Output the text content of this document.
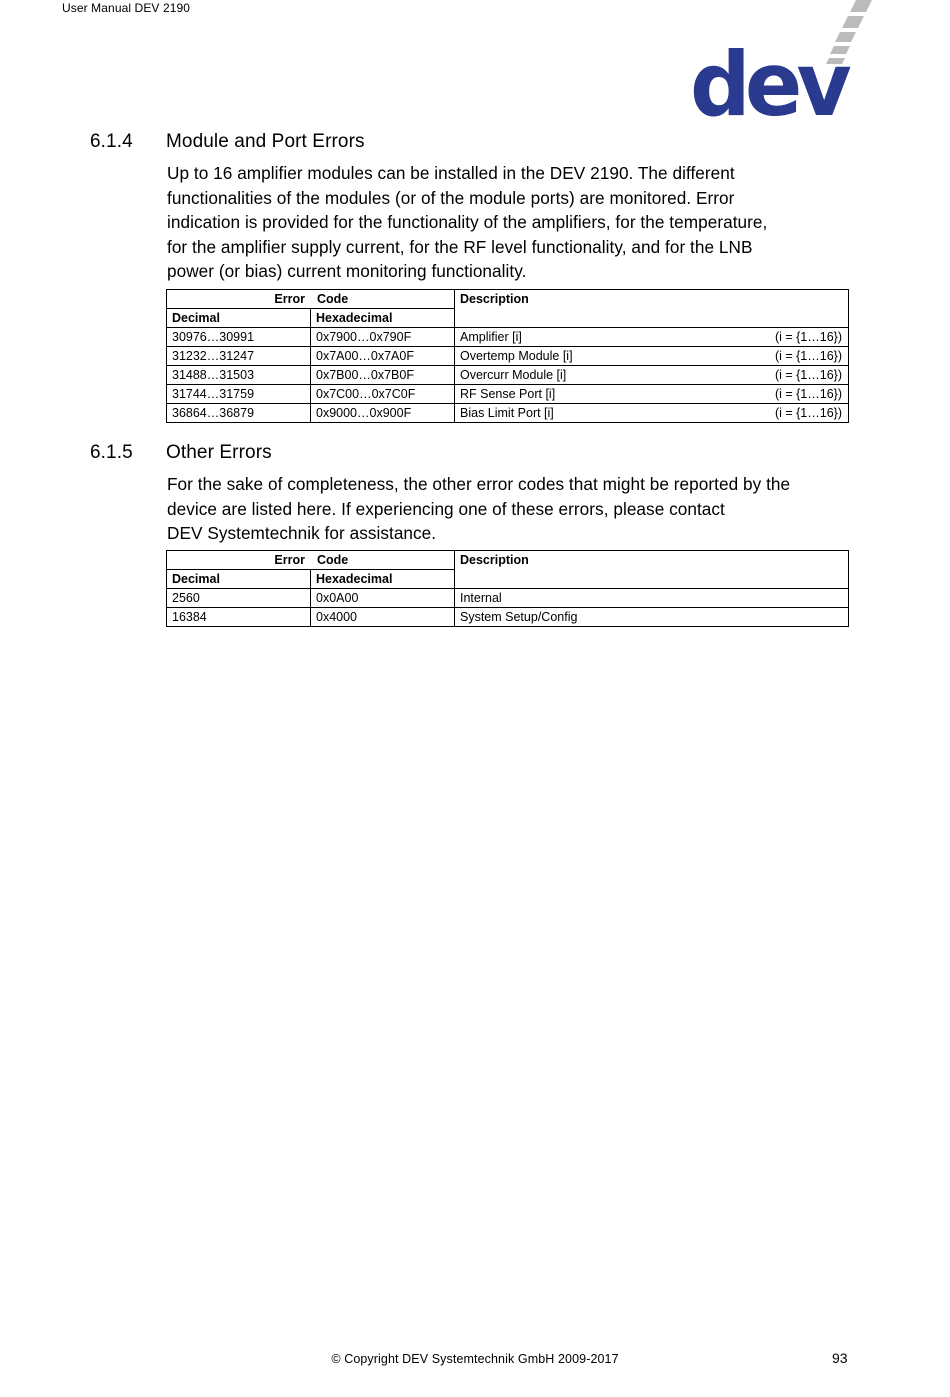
User Manual DEV 2190
dev
6.1.4 Module and Port Errors
Up to 16 amplifier modules can be installed in the DEV 2190. The different
functionalities of the modules (or of the module ports) are monitored. Error
indication is provided for the functionality of the amplifiers, for the temperature,
for the amplifier supply current, for the RF level functionality, and for the LNB
power (or bias) current monitoring functionality.
Error Code		Description
Decimal	Hexadecimal	
30976…30991	0x7900…0x790F	Amplifier [i] (i = {1…16})

31232…31247	0x7A00…0x7A0F	Overtemp Module [i] (i = {1…16})

31488…31503	0x7B00…0x7B0F	Overcurr Module [i] (i = {1…16})

31744…31759	0x7C00…0x7C0F	RF Sense Port [i] (i = {1…16})

36864…36879	0x9000…0x900F	Bias Limit Port [i] (i = {1…16})
6.1.5 Other Errors
For the sake of completeness, the other error codes that might be reported by the
device are listed here. If experiencing one of these errors, please contact
DEV Systemtechnik for assistance.
Error Code		Description
Decimal	Hexadecimal	
2560	0x0A00	Internal
16384	0x4000	System Setup/Config
© Copyright DEV Systemtechnik GmbH 2009-2017	93
